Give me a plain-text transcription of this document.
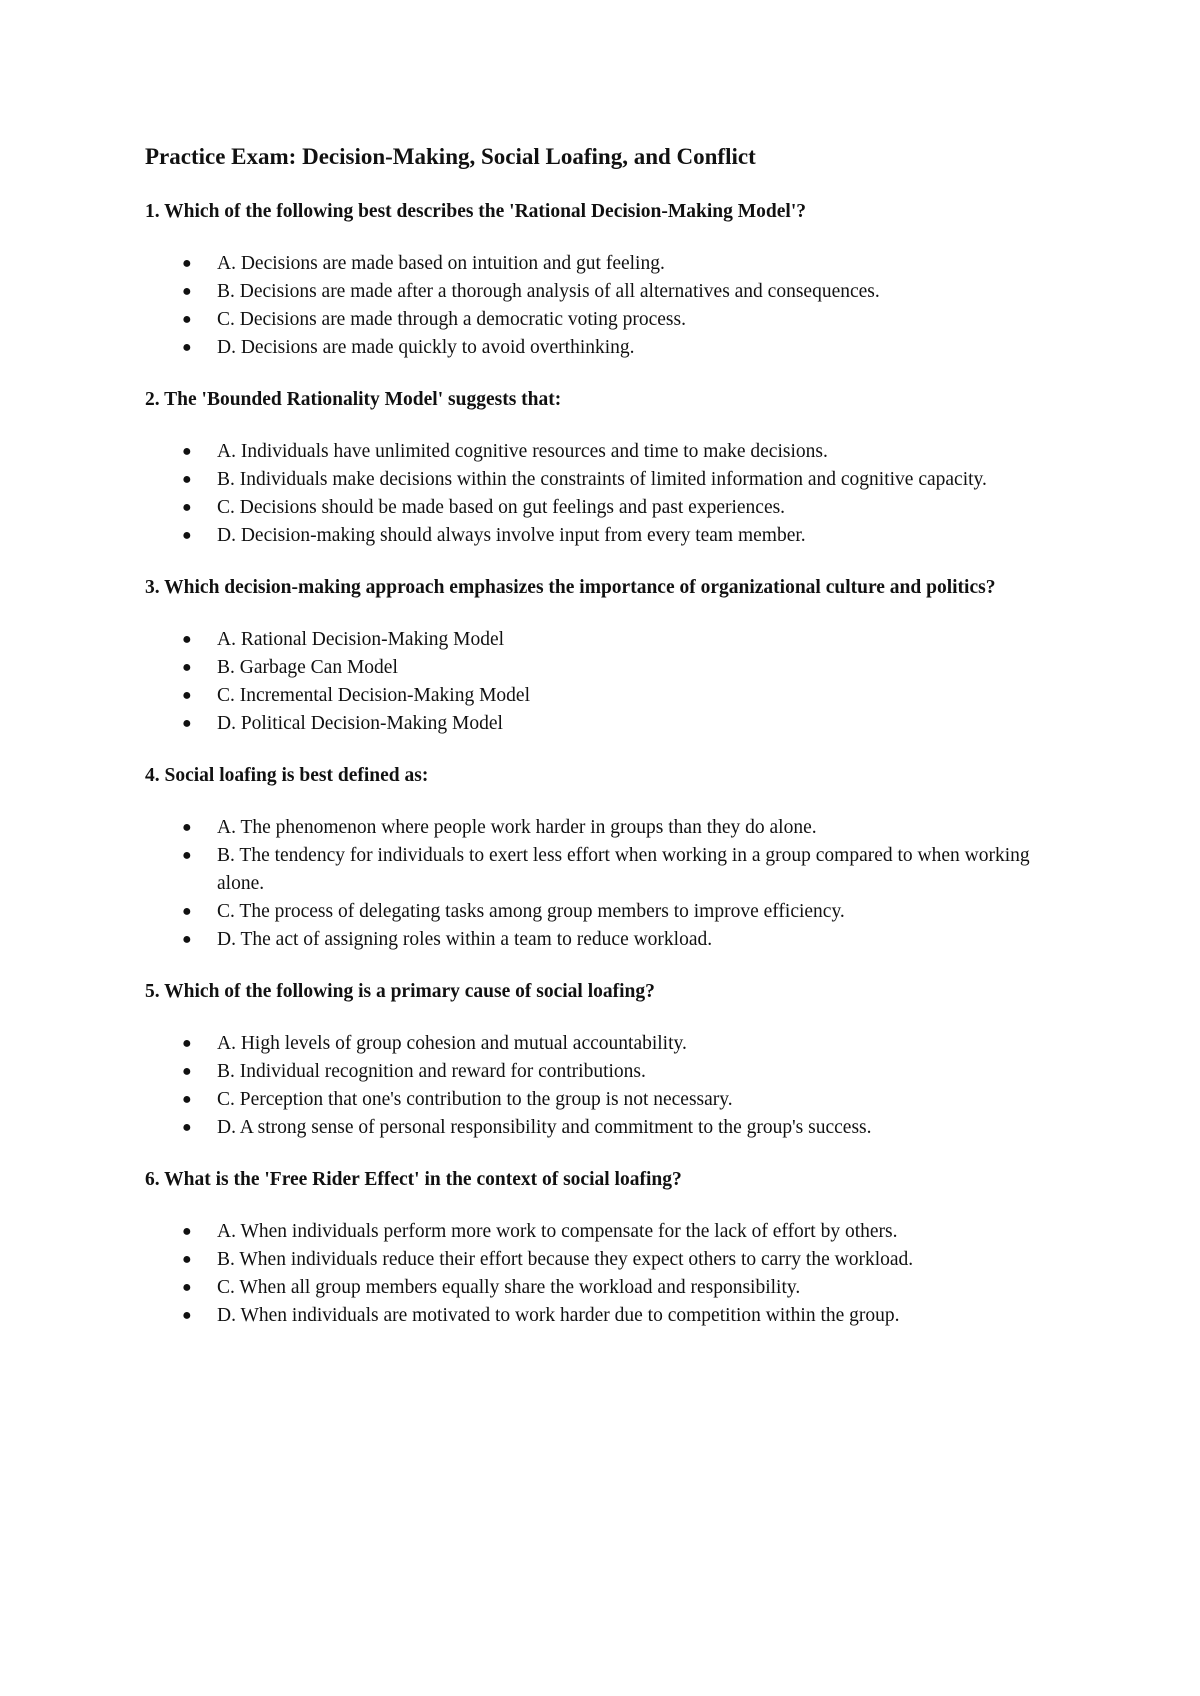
Practice Exam: Decision-Making, Social Loafing, and Conflict

1. Which of the following best describes the 'Rational Decision-Making Model'?

● A. Decisions are made based on intuition and gut feeling.
● B. Decisions are made after a thorough analysis of all alternatives and consequences.
● C. Decisions are made through a democratic voting process.
● D. Decisions are made quickly to avoid overthinking.

2. The 'Bounded Rationality Model' suggests that:

● A. Individuals have unlimited cognitive resources and time to make decisions.
● B. Individuals make decisions within the constraints of limited information and cognitive capacity.
● C. Decisions should be made based on gut feelings and past experiences.
● D. Decision-making should always involve input from every team member.

3. Which decision-making approach emphasizes the importance of organizational culture and politics?

● A. Rational Decision-Making Model
● B. Garbage Can Model
● C. Incremental Decision-Making Model
● D. Political Decision-Making Model

4. Social loafing is best defined as:

● A. The phenomenon where people work harder in groups than they do alone.
● B. The tendency for individuals to exert less effort when working in a group compared to when working alone.
● C. The process of delegating tasks among group members to improve efficiency.
● D. The act of assigning roles within a team to reduce workload.

5. Which of the following is a primary cause of social loafing?

● A. High levels of group cohesion and mutual accountability.
● B. Individual recognition and reward for contributions.
● C. Perception that one's contribution to the group is not necessary.
● D. A strong sense of personal responsibility and commitment to the group's success.

6. What is the 'Free Rider Effect' in the context of social loafing?

● A. When individuals perform more work to compensate for the lack of effort by others.
● B. When individuals reduce their effort because they expect others to carry the workload.
● C. When all group members equally share the workload and responsibility.
● D. When individuals are motivated to work harder due to competition within the group.
